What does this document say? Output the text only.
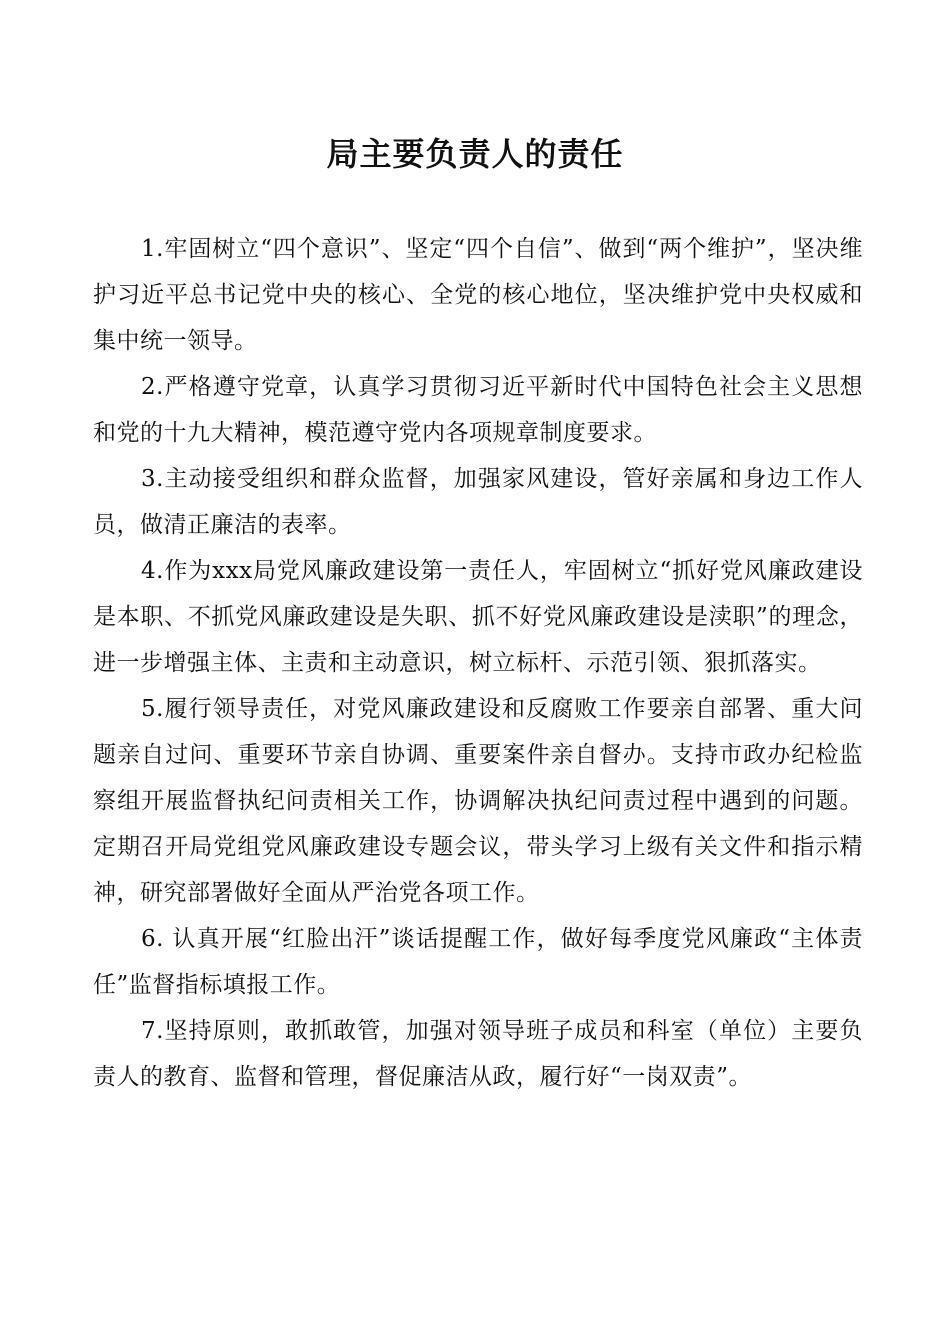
局主要负责人的责任

1.牢固树立“四个意识”、坚定“四个自信”、做到“两个维护”，坚决维护习近平总书记党中央的核心、全党的核心地位，坚决维护党中央权威和 集中统一领导。

2.严格遵守党章，认真学习贯彻习近平新时代中国特色社会主义思想和党的十九大精神，模范遵守党内各项规章制度要求。

3.主动接受组织和群众监督，加强家风建设，管好亲属和身边工作人员，做清正廉洁的表率。

4.作为xxx局党风廉政建设第一责任人，牢固树立“抓好党风廉政建设是本职、不抓党风廉政建设是失职、抓不好党风廉政建设是渎职”的理念，进一步增强主体、主责和主动意识，树立标杆、示范引领、狠抓落实。

5.履行领导责任，对党风廉政建设和反腐败工作要亲自部署、重大问题亲自过问、重要环节亲自协调、重要案件亲自督办。支持市政办纪检监察组开展监督执纪问责相关工作，协调解决执纪问责过程中遇到的问题。定期召开局党组党风廉政建设专题会议，带头学习上级有关文件和指示精神，研究部署做好全面从严治党各项工作。

6. 认真开展“红脸出汗”谈话提醒工作，做好每季度党风廉政“主体责任”监督指标填报工作。

7.坚持原则，敢抓敢管，加强对领导班子成员和科室（单位）主要负责人的教育、监督和管理，督促廉洁从政，履行好“一岗双责”。
